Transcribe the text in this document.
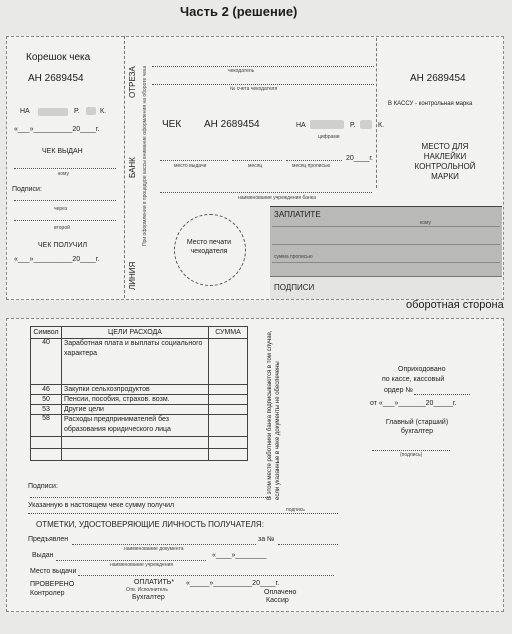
Часть 2 (решение)
Корешок чека
АН 2689454
НА	Р.	К.
«___»__________20____г.
ЧЕК ВЫДАН
кому
Подписи:
через
второй
ЧЕК ПОЛУЧИЛ
«___»__________20____г.
ОТРЕЗА
БАНК
ЛИНИЯ
При оформлении в процедуре кассы внимание оформления на обороте чека	чекодатель
№ счета чекодателя
ЧЕК АН 2689454	НА	Р.	К.
цифрами
20____г.
место выдачи	месяц	месяц прописью
наименование учреждения банка
Место печати чекодателя
АН 2689454
В КАССУ - контрольная марка
МЕСТО ДЛЯ НАКЛЕЙКИ КОНТРОЛЬНОЙ МАРКИ
ЗАПЛАТИТЕ
кому
сумма прописью
ПОДПИСИ
оборотная сторона
Символ	ЦЕЛИ РАСХОДА	СУММА
40	Заработная плата и выплаты социального характера	
46	Закупки сельхозпродуктов	
50	Пенсии, пособия, страхов. возм.	
53	Другие цели	
58	Расходы предпринимателей без образования юридического лица	

Подписи:
Указанную в настоящем чеке сумму получил
подпись
ОТМЕТКИ, УДОСТОВЕРЯЮЩИЕ ЛИЧНОСТЬ ПОЛУЧАТЕЛЯ:
Предъявлен
наименование документа
за №
Выдан
наименование учреждения
«____»________
Место выдачи
ПРОВЕРЕНО
Контролер
ОПЛАТИТЬ*
Отв. Исполнитель
Бухгалтер
«_____»__________20____г.
Оплачено
Кассир
В этом месте работники банка подписываются в том случае, если указанные в чеке документы не обеспечены	Оприходовано
по кассе, кассовый
ордер №
от «___»_______20_____г.
Главный (старший) бухгалтер
(подпись)
